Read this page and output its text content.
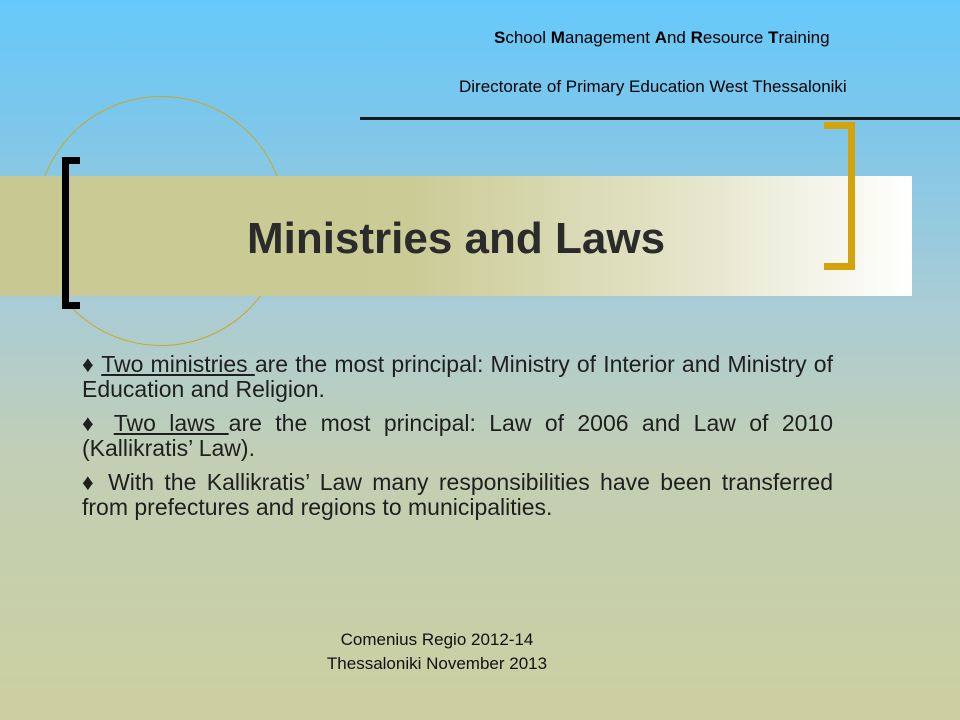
School Management And Resource Training
Directorate of Primary Education West Thessaloniki
Ministries and Laws
♦ Two ministries are the most principal: Ministry of Interior and Ministry of Education and Religion.
♦ Two laws are the most principal: Law of 2006 and Law of 2010 (Kallikratis’ Law).
♦ With the Kallikratis’ Law many responsibilities have been transferred from prefectures and regions to municipalities.
Comenius Regio 2012-14
Thessaloniki November 2013
